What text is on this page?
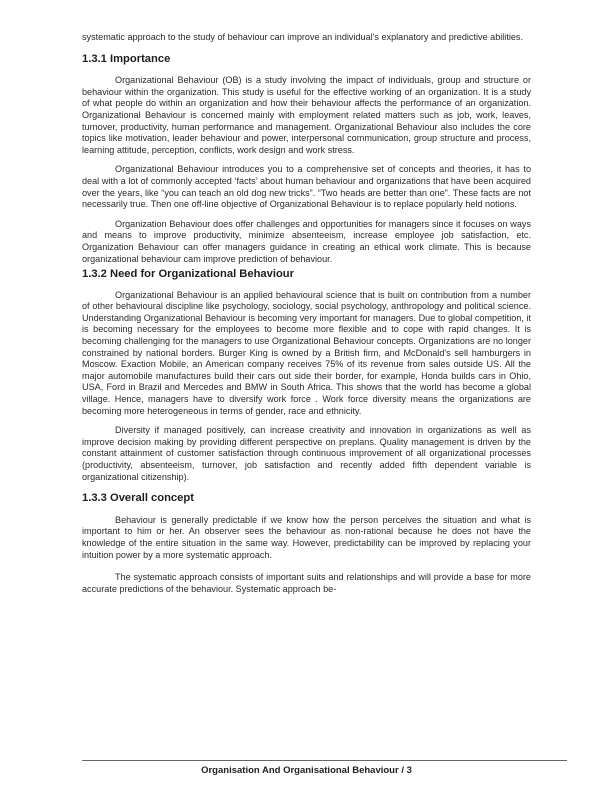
systematic approach to the study of behaviour can improve an individual's explanatory and predictive abilities.

1.3.1 Importance

Organizational Behaviour (OB) is a study involving the impact of individuals, group and structure or behaviour within the organization. This study is useful for the effective working of an organization. It is a study of what people do within an organization and how their behaviour affects the performance of an organization. Organizational Behaviour is concerned mainly with employment related matters such as job, work, leaves, turnover, productivity, human performance and management. Organizational Behaviour also includes the core topics like motivation, leader behaviour and power, interpersonal communication, group structure and process, learning attitude, perception, conflicts, work design and work stress.

Organizational Behaviour introduces you to a comprehensive set of concepts and theories, it has to deal with a lot of commonly accepted ‘facts’ about human behaviour and organizations that have been acquired over the years, like “you can teach an old dog new tricks”. “Two heads are better than one”. These facts are not necessarily true. Then one off-line objective of Organizational Behaviour is to replace popularly held notions.

Organization Behaviour does offer challenges and opportunities for managers since it focuses on ways and means to improve productivity, minimize absenteeism, increase employee job satisfaction, etc. Organization Behaviour can offer managers guidance in creating an ethical work climate. This is because organizational behaviour cam improve prediction of behaviour.

1.3.2 Need for Organizational Behaviour

Organizational Behaviour is an applied behavioural science that is built on contribution from a number of other behavioural discipline like psychology, sociology, social psychology, anthropology and political science. Understanding Organizational Behaviour is becoming very important for managers. Due to global competition, it is becoming necessary for the employees to become more flexible and to cope with rapid changes. It is becoming challenging for the managers to use Organizational Behaviour concepts. Organizations are no longer constrained by national borders. Burger King is owned by a British firm, and McDonald's sell hamburgers in Moscow. Exaction Mobile, an American company receives 75% of its revenue from sales outside US. All the major automobile manufactures build their cars out side their border, for example, Honda builds cars in Ohio, USA, Ford in Brazil and Mercedes and BMW in South Africa. This shows that the world has become a global village. Hence, managers have to diversify work force . Work force diversity means the organizations are becoming more heterogeneous in terms of gender, race and ethnicity.

Diversity if managed positively, can increase creativity and innovation in organizations as well as improve decision making by providing different perspective on preplans. Quality management is driven by the constant attainment of customer satisfaction through continuous improvement of all organizational processes (productivity, absenteeism, turnover, job satisfaction and recently added fifth dependent variable is organizational citizenship).

1.3.3 Overall concept

Behaviour is generally predictable if we know how the person perceives the situation and what is important to him or her. An observer sees the behaviour as non-rational because he does not have the knowledge of the entire situation in the same way. However, predictability can be improved by replacing your intuition power by a more systematic approach.

The systematic approach consists of important suits and relationships and will provide a base for more accurate predictions of the behaviour. Systematic approach be-

Organisation And Organisational Behaviour / 3
